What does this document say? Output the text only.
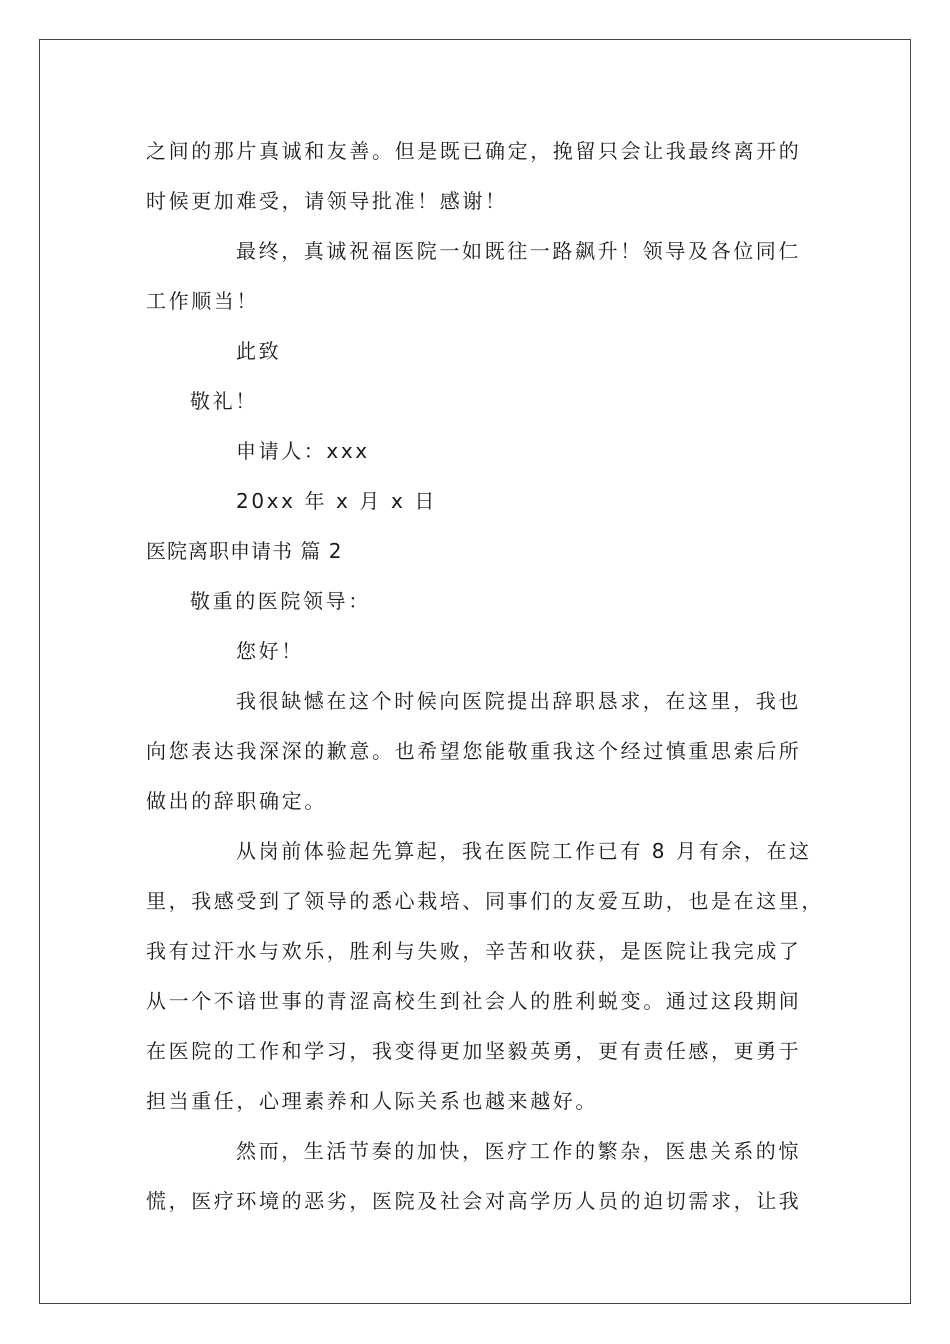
之间的那片真诚和友善。但是既已确定，挽留只会让我最终离开的
时候更加难受，请领导批准！感谢！
最终，真诚祝福医院一如既往一路飙升！领导及各位同仁
工作顺当！
此致
敬礼！
申请人：xxx
20xx 年 x 月 x 日
医院离职申请书 篇 2
敬重的医院领导：
您好！
我很缺憾在这个时候向医院提出辞职恳求，在这里，我也
向您表达我深深的歉意。也希望您能敬重我这个经过慎重思索后所
做出的辞职确定。
从岗前体验起先算起，我在医院工作已有 8 月有余，在这
里，我感受到了领导的悉心栽培、同事们的友爱互助，也是在这里，
我有过汗水与欢乐，胜利与失败，辛苦和收获，是医院让我完成了
从一个不谙世事的青涩高校生到社会人的胜利蜕变。通过这段期间
在医院的工作和学习，我变得更加坚毅英勇，更有责任感，更勇于
担当重任，心理素养和人际关系也越来越好。
然而，生活节奏的加快，医疗工作的繁杂，医患关系的惊
慌，医疗环境的恶劣，医院及社会对高学历人员的迫切需求，让我
